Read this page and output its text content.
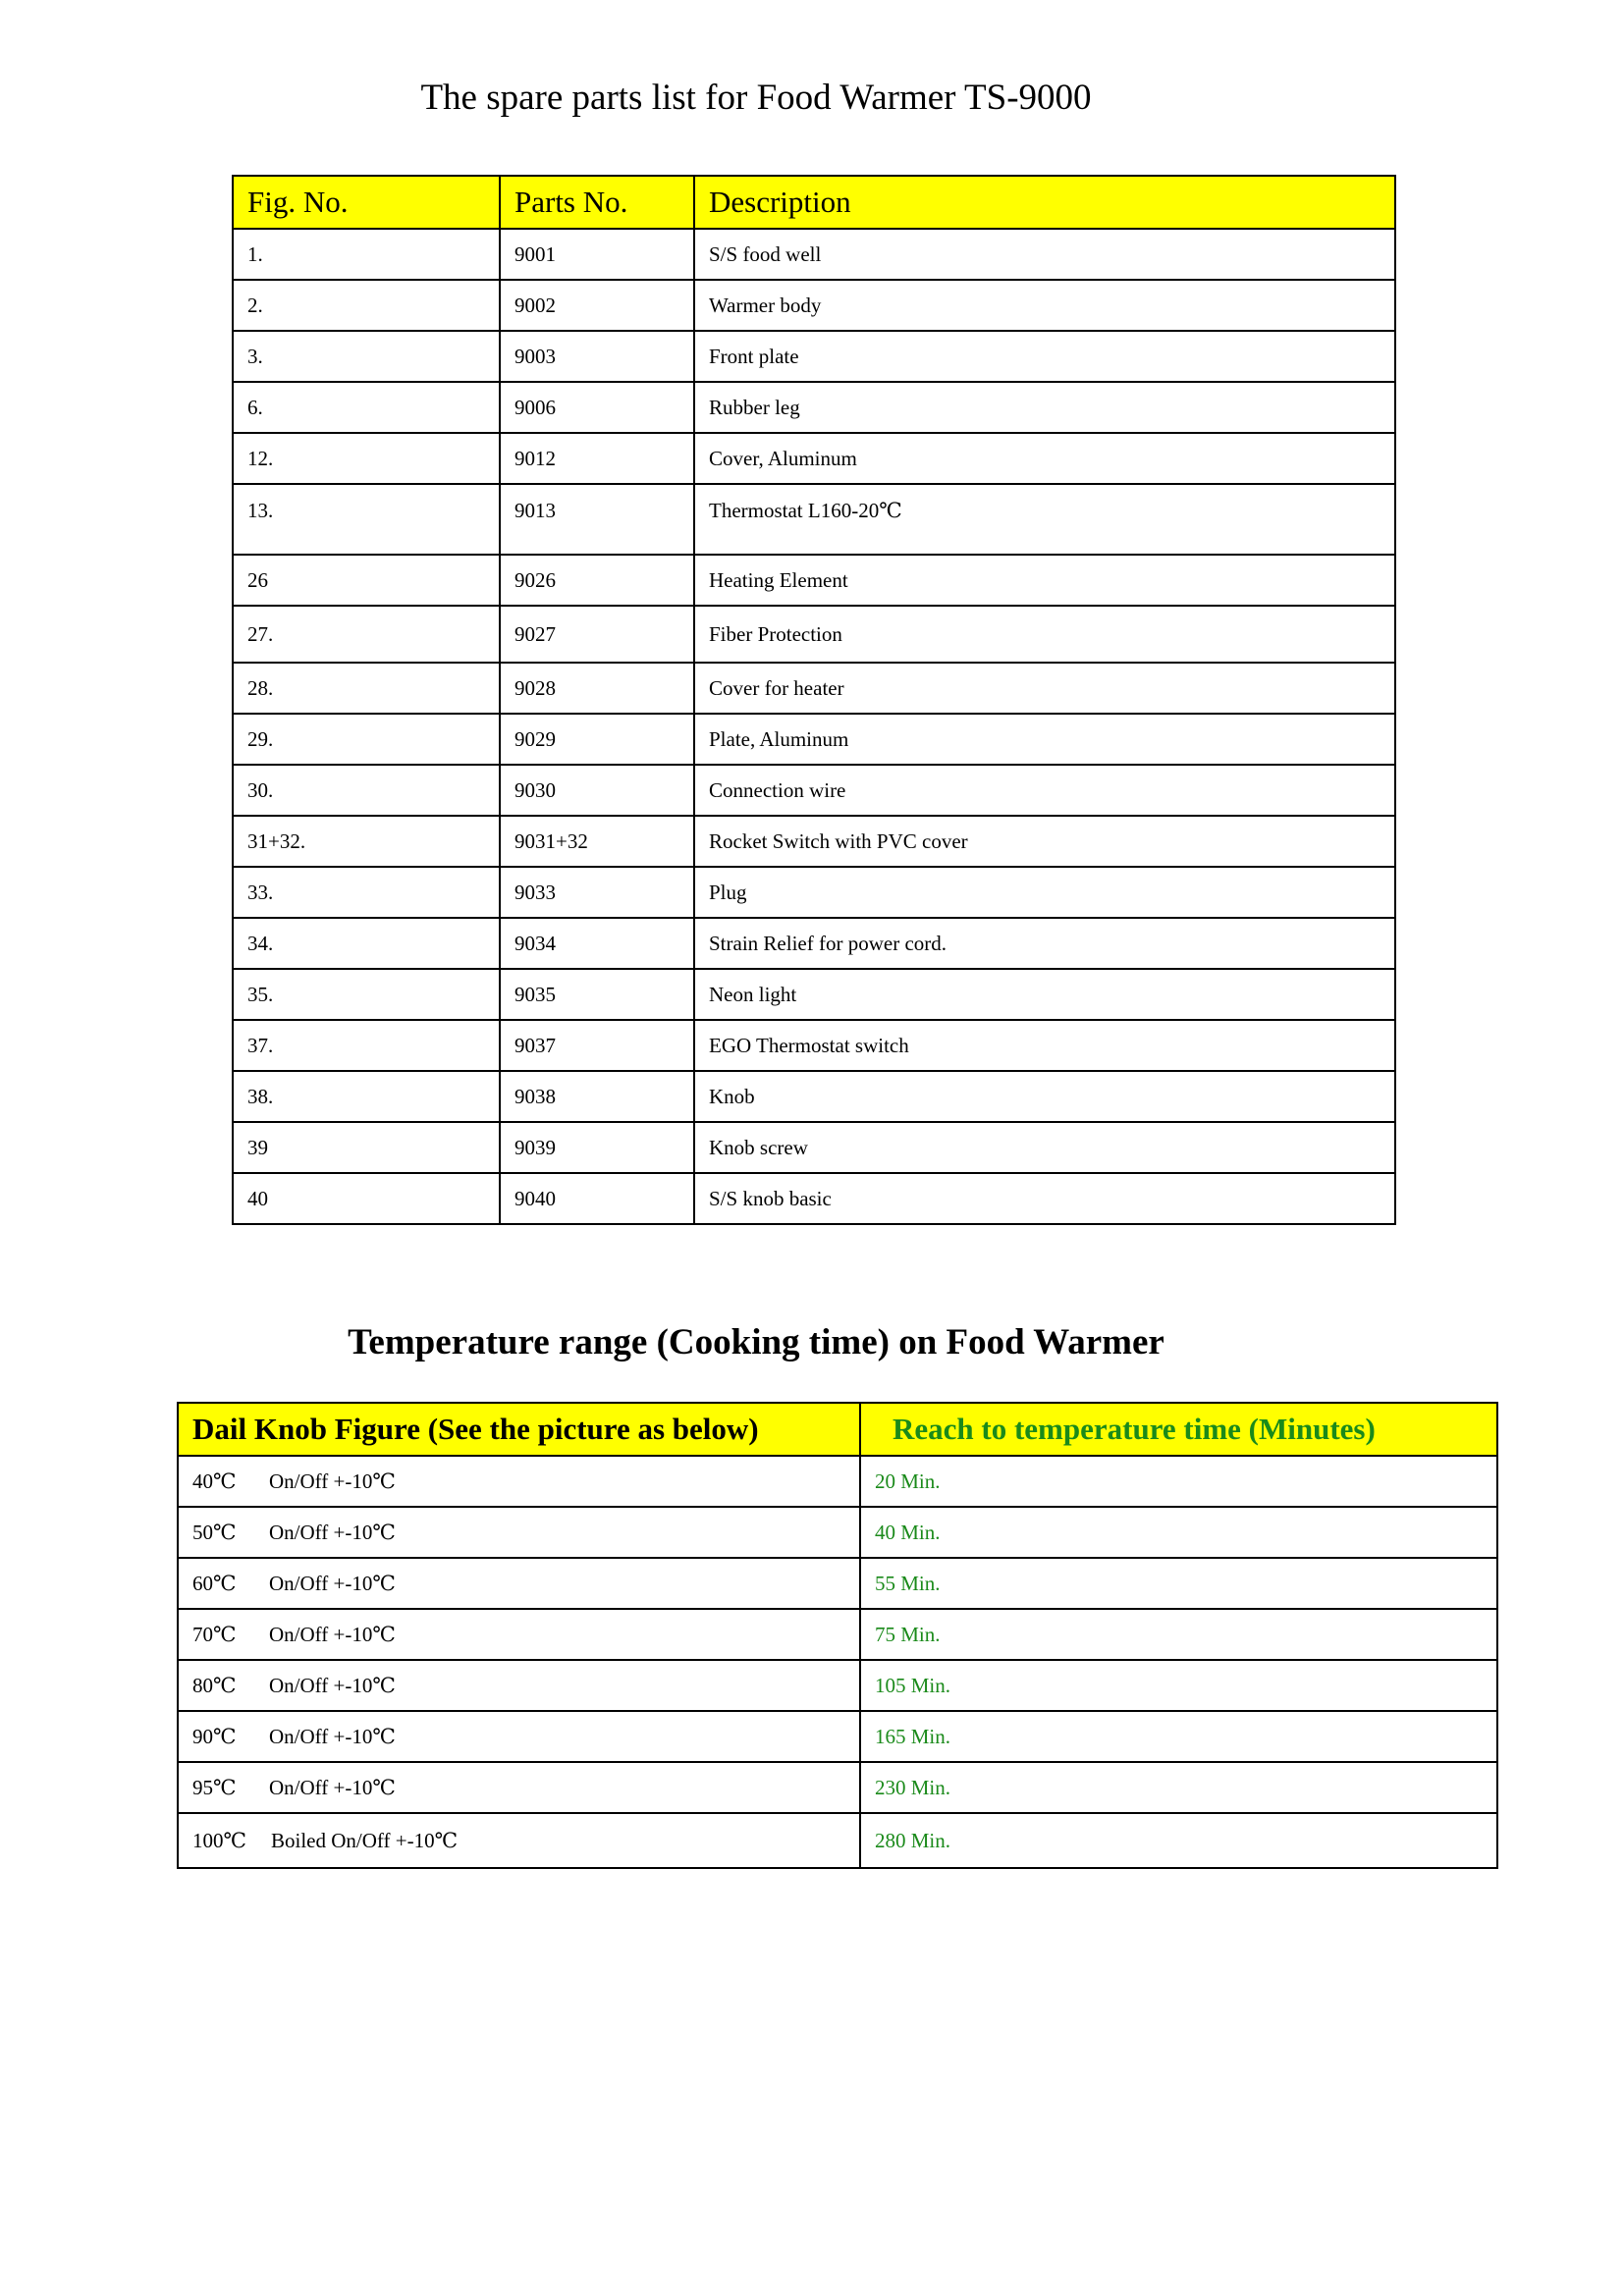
The spare parts list for Food Warmer TS-9000
Fig. No.	Parts No.	Description
1.	9001	S/S food well
2.	9002	Warmer body
3.	9003	Front plate
6.	9006	Rubber leg
12.	9012	Cover, Aluminum
13.	9013	Thermostat L160-20℃
26	9026	Heating Element
27.	9027	Fiber Protection
28.	9028	Cover for heater
29.	9029	Plate, Aluminum
30.	9030	Connection wire
31+32.	9031+32	Rocket Switch with PVC cover
33.	9033	Plug
34.	9034	Strain Relief for power cord.
35.	9035	Neon light
37.	9037	EGO Thermostat switch
38.	9038	Knob
39	9039	Knob screw
40	9040	S/S knob basic
Temperature range (Cooking time) on Food Warmer
Dail Knob Figure (See the picture as below)	Reach to temperature time (Minutes)
40℃ On/Off +-10℃	20 Min.
50℃ On/Off +-10℃	40 Min.
60℃ On/Off +-10℃	55 Min.
70℃ On/Off +-10℃	75 Min.
80℃ On/Off +-10℃	105 Min.
90℃ On/Off +-10℃	165 Min.
95℃ On/Off +-10℃	230 Min.
100℃ Boiled On/Off +-10℃	280 Min.
